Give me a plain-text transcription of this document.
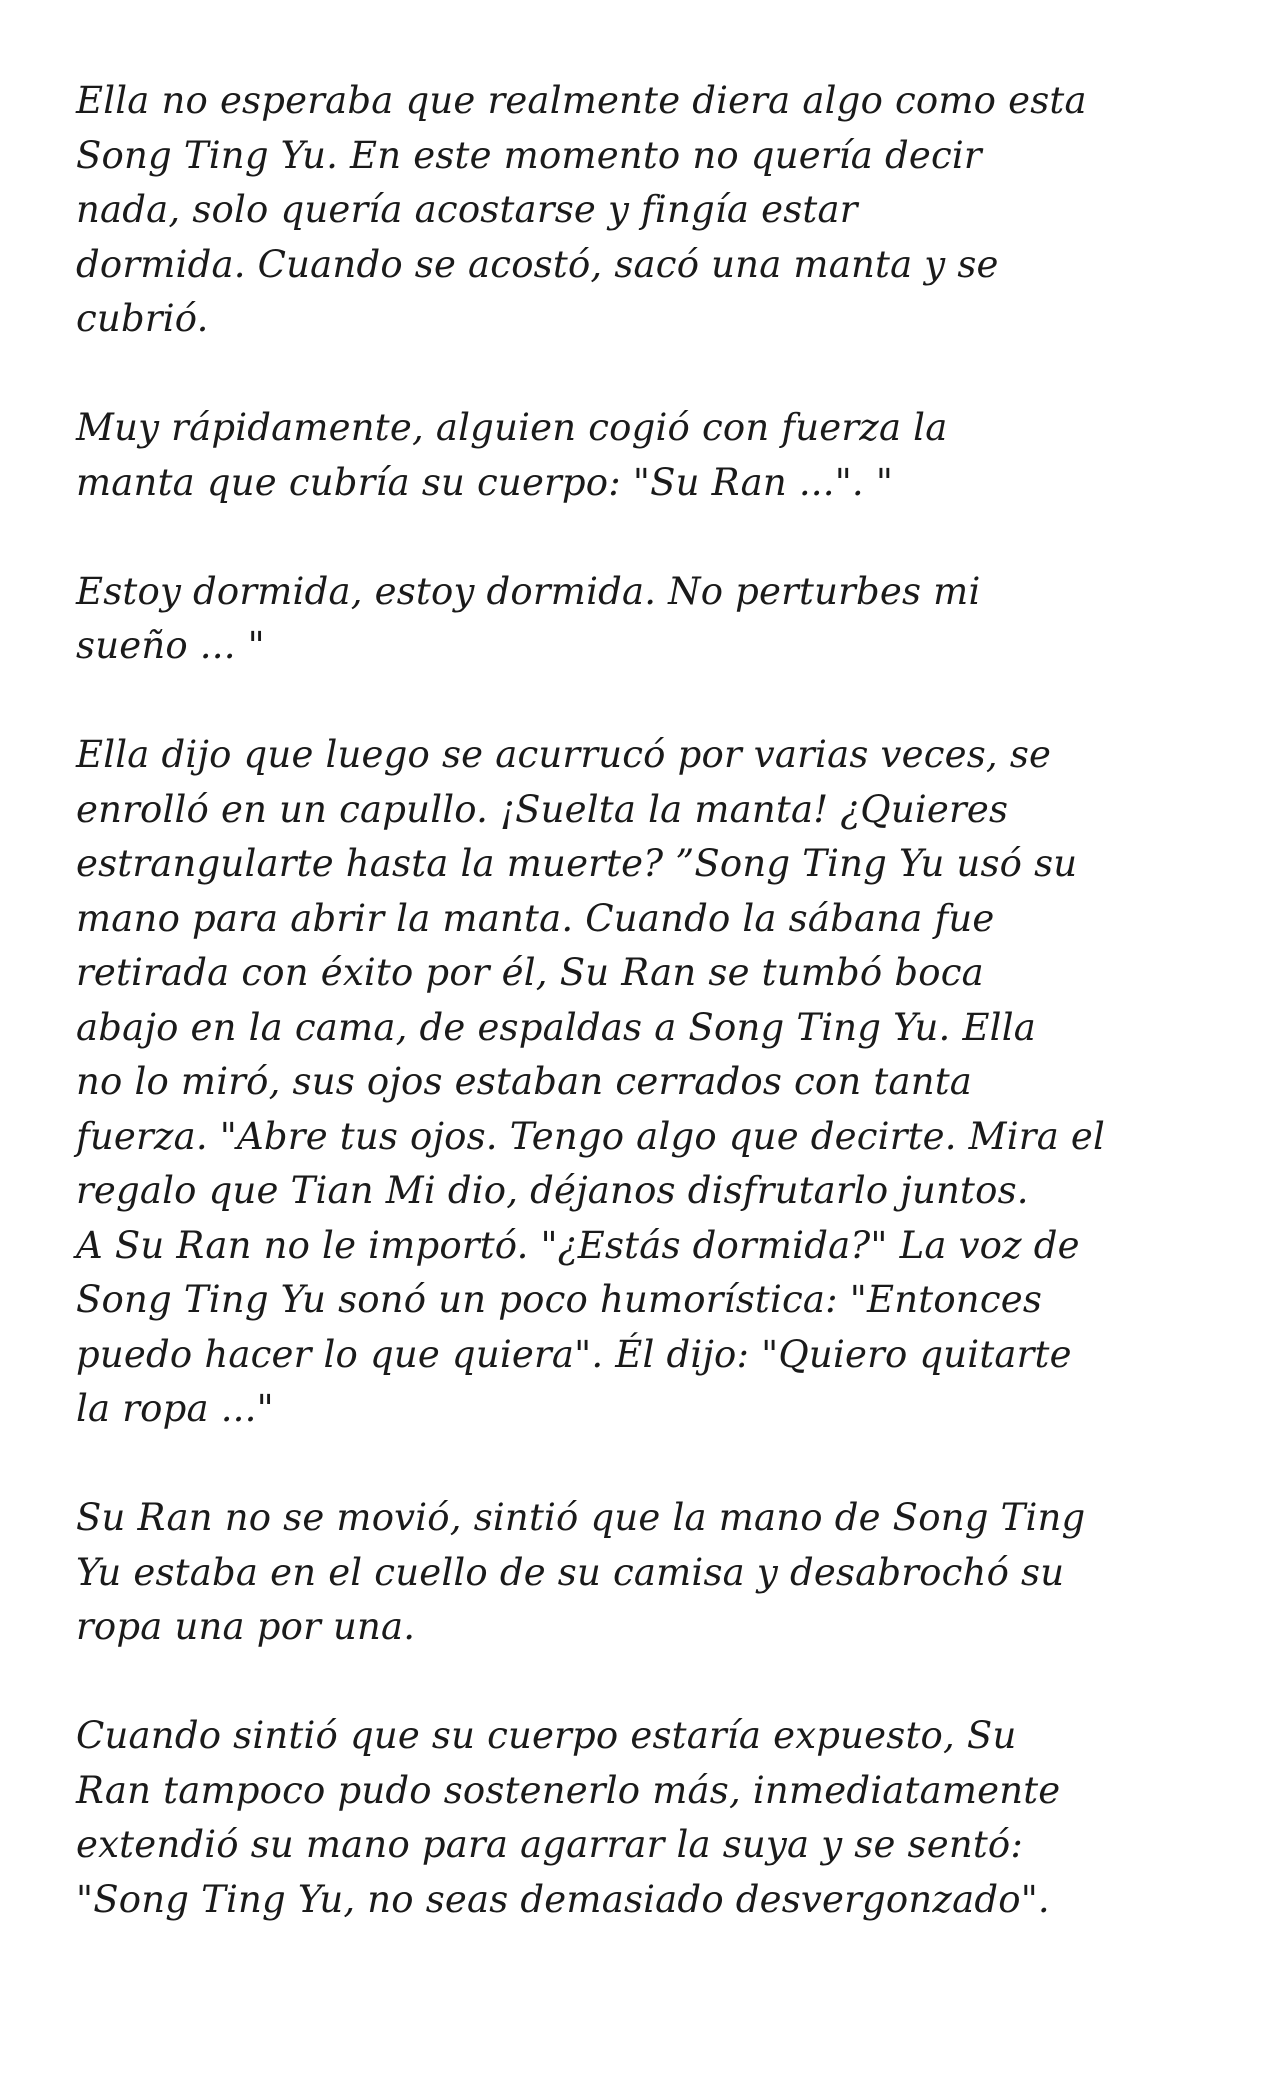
Ella no esperaba que realmente diera algo como esta
Song Ting Yu. En este momento no quería decir
nada, solo quería acostarse y fingía estar
dormida. Cuando se acostó, sacó una manta y se
cubrió.

Muy rápidamente, alguien cogió con fuerza la
manta que cubría su cuerpo: "Su Ran ...". "

Estoy dormida, estoy dormida. No perturbes mi
sueño ... "

Ella dijo que luego se acurrucó por varias veces, se
enrolló en un capullo. ¡Suelta la manta! ¿Quieres
estrangularte hasta la muerte? ”Song Ting Yu usó su
mano para abrir la manta. Cuando la sábana fue
retirada con éxito por él, Su Ran se tumbó boca
abajo en la cama, de espaldas a Song Ting Yu. Ella
no lo miró, sus ojos estaban cerrados con tanta
fuerza. "Abre tus ojos. Tengo algo que decirte. Mira el
regalo que Tian Mi dio, déjanos disfrutarlo juntos.
A Su Ran no le importó. "¿Estás dormida?" La voz de
Song Ting Yu sonó un poco humorística: "Entonces
puedo hacer lo que quiera". Él dijo: "Quiero quitarte
la ropa ..."

Su Ran no se movió, sintió que la mano de Song Ting
Yu estaba en el cuello de su camisa y desabrochó su
ropa una por una.

Cuando sintió que su cuerpo estaría expuesto, Su
Ran tampoco pudo sostenerlo más, inmediatamente
extendió su mano para agarrar la suya y se sentó:
"Song Ting Yu, no seas demasiado desvergonzado".
